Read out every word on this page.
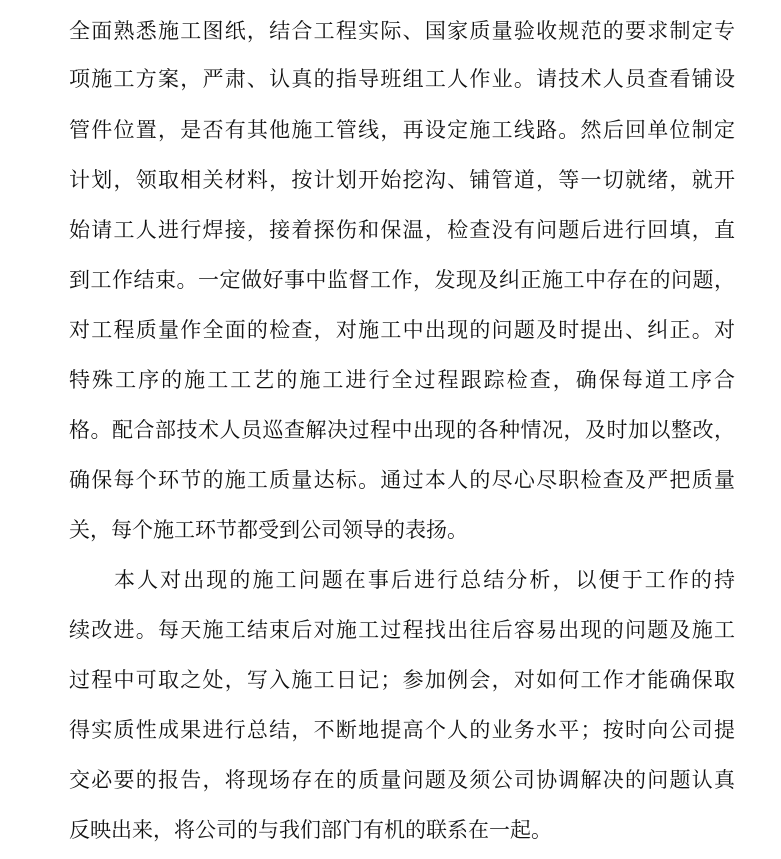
全面熟悉施工图纸，结合工程实际、国家质量验收规范的要求制定专
项施工方案，严肃、认真的指导班组工人作业。请技术人员查看铺设
管件位置，是否有其他施工管线，再设定施工线路。然后回单位制定
计划，领取相关材料，按计划开始挖沟、铺管道，等一切就绪，就开
始请工人进行焊接，接着探伤和保温，检查没有问题后进行回填，直
到工作结束。一定做好事中监督工作，发现及纠正施工中存在的问题，
对工程质量作全面的检查，对施工中出现的问题及时提出、纠正。对
特殊工序的施工工艺的施工进行全过程跟踪检查，确保每道工序合
格。配合部技术人员巡查解决过程中出现的各种情况，及时加以整改，
确保每个环节的施工质量达标。通过本人的尽心尽职检查及严把质量
关，每个施工环节都受到公司领导的表扬。
本人对出现的施工问题在事后进行总结分析，以便于工作的持
续改进。每天施工结束后对施工过程找出往后容易出现的问题及施工
过程中可取之处，写入施工日记；参加例会，对如何工作才能确保取
得实质性成果进行总结，不断地提高个人的业务水平；按时向公司提
交必要的报告，将现场存在的质量问题及须公司协调解决的问题认真
反映出来，将公司的与我们部门有机的联系在一起。
